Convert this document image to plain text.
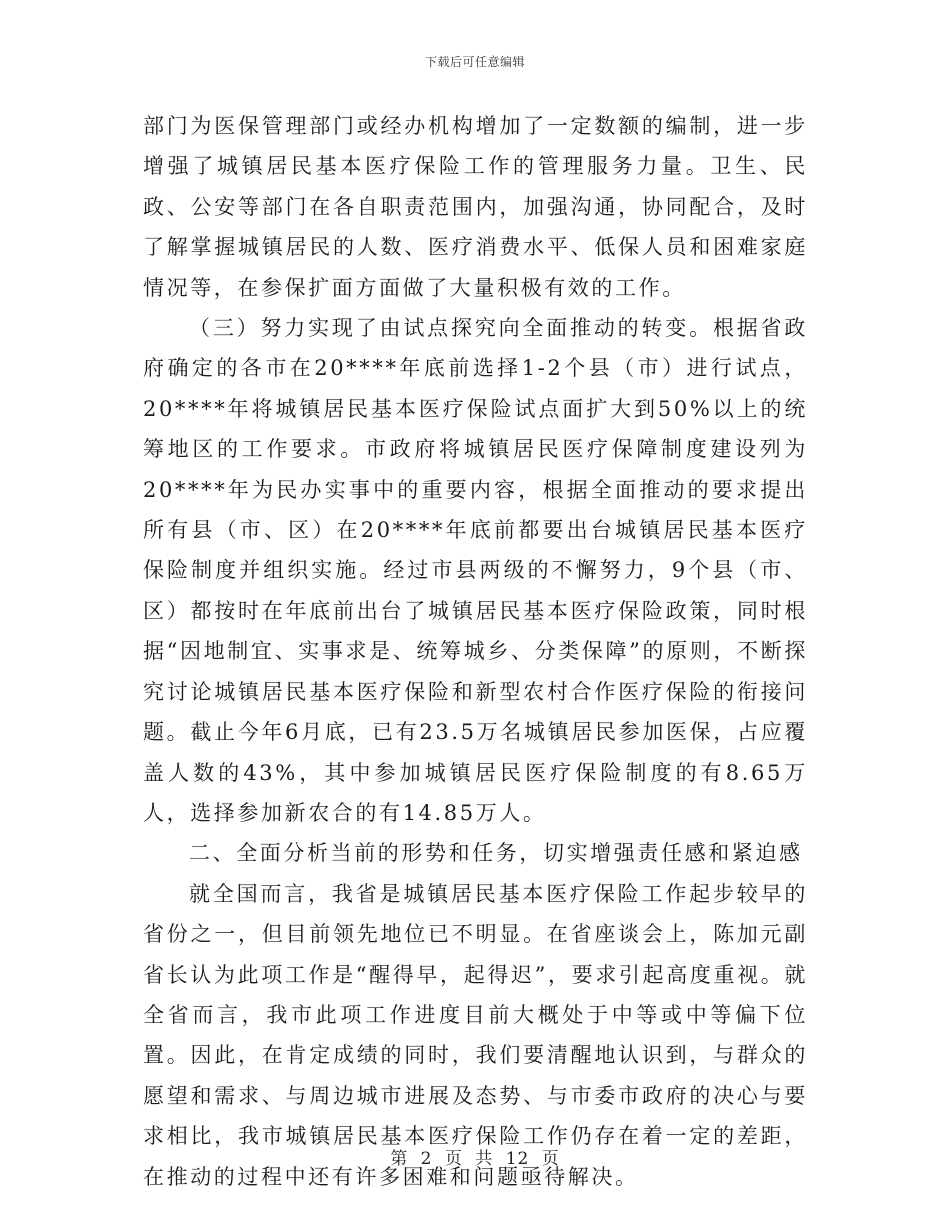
下载后可任意编辑

部门为医保管理部门或经办机构增加了一定数额的编制，进一步增强了城镇居民基本医疗保险工作的管理服务力量。卫生、民政、公安等部门在各自职责范围内，加强沟通，协同配合，及时了解掌握城镇居民的人数、医疗消费水平、低保人员和困难家庭情况等，在参保扩面方面做了大量积极有效的工作。

（三）努力实现了由试点探究向全面推动的转变。根据省政府确定的各市在20****年底前选择1-2个县（市）进行试点，20****年将城镇居民基本医疗保险试点面扩大到50%以上的统筹地区的工作要求。市政府将城镇居民医疗保障制度建设列为20****年为民办实事中的重要内容，根据全面推动的要求提出所有县（市、区）在20****年底前都要出台城镇居民基本医疗保险制度并组织实施。经过市县两级的不懈努力，9个县（市、区）都按时在年底前出台了城镇居民基本医疗保险政策，同时根据“因地制宜、实事求是、统筹城乡、分类保障”的原则，不断探究讨论城镇居民基本医疗保险和新型农村合作医疗保险的衔接问题。截止今年6月底，已有23.5万名城镇居民参加医保，占应覆盖人数的43%，其中参加城镇居民医疗保险制度的有8.65万人，选择参加新农合的有14.85万人。

二、全面分析当前的形势和任务，切实增强责任感和紧迫感

就全国而言，我省是城镇居民基本医疗保险工作起步较早的省份之一，但目前领先地位已不明显。在省座谈会上，陈加元副省长认为此项工作是“醒得早，起得迟”，要求引起高度重视。就全省而言，我市此项工作进度目前大概处于中等或中等偏下位置。因此，在肯定成绩的同时，我们要清醒地认识到，与群众的愿望和需求、与周边城市进展及态势、与市委市政府的决心与要求相比，我市城镇居民基本医疗保险工作仍存在着一定的差距，在推动的过程中还有许多困难和问题亟待解决。

第 2 页 共 12 页
